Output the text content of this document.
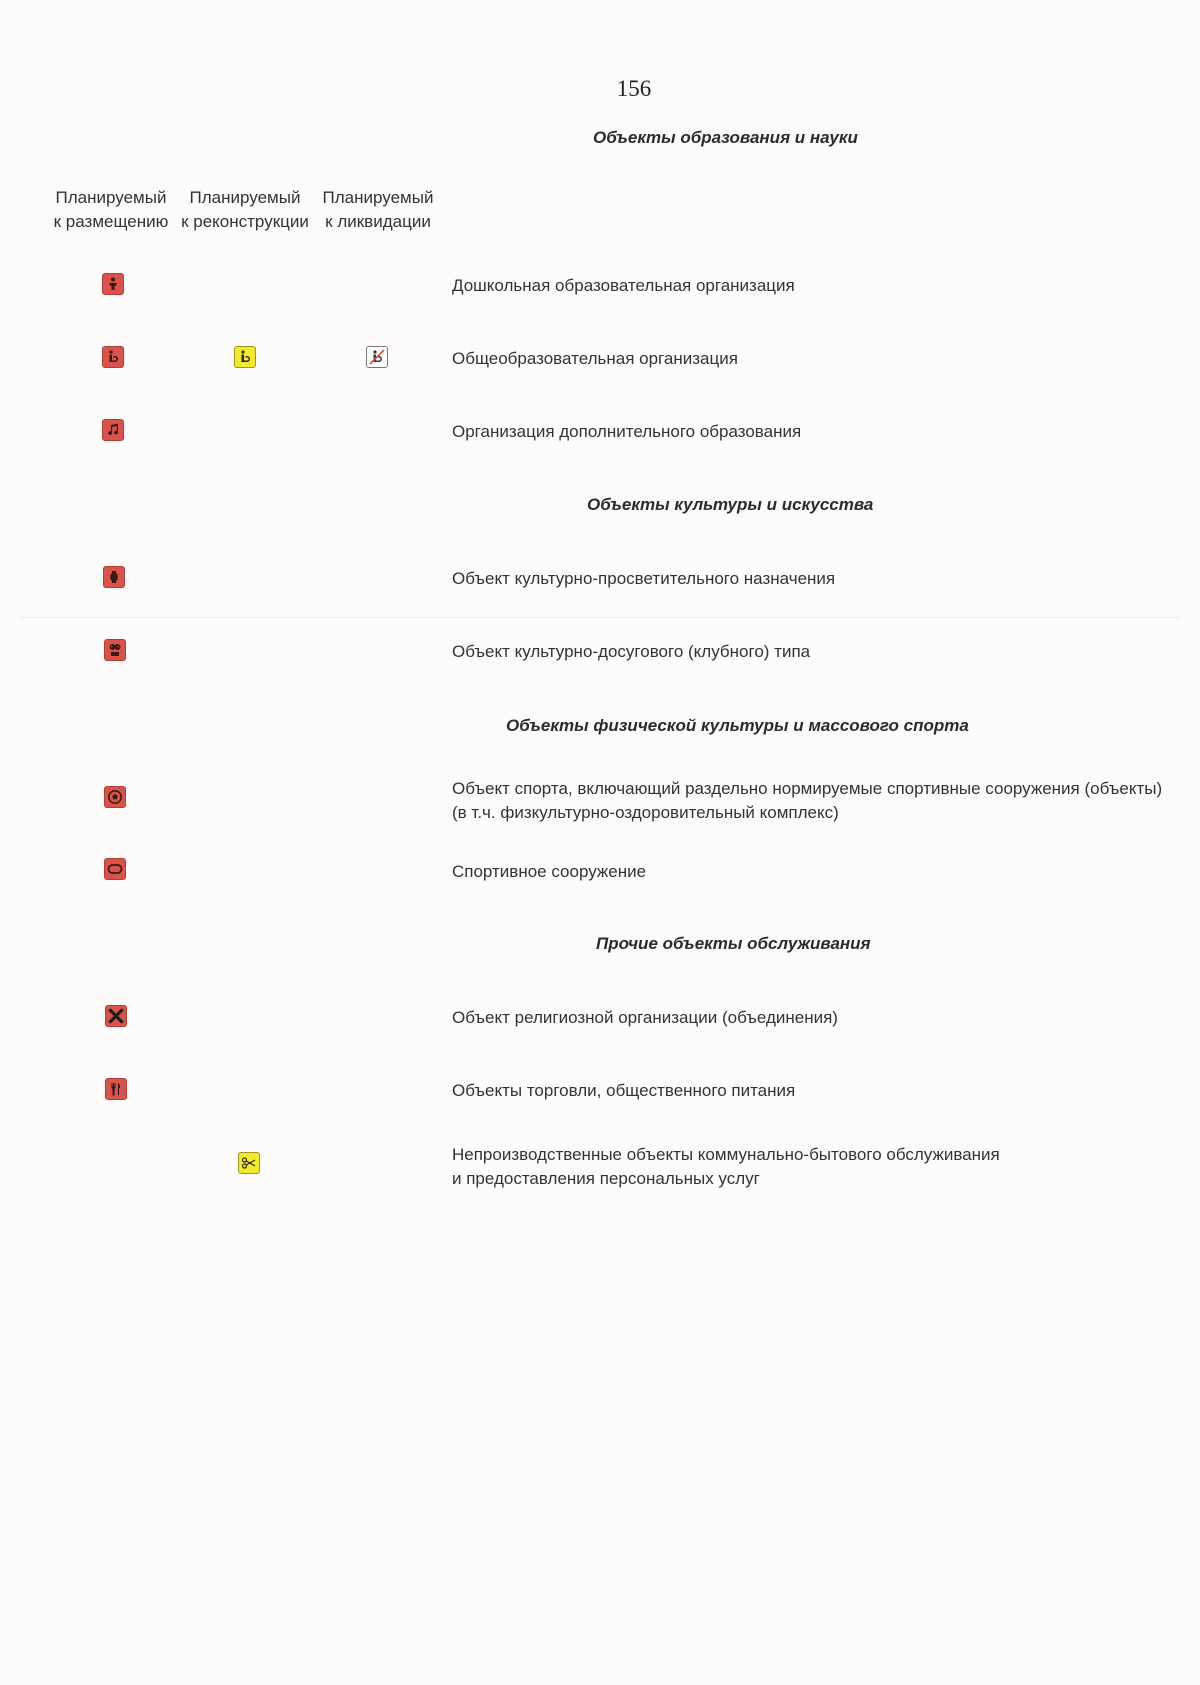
156
Объекты образования и науки
Планируемый
к размещению
Планируемый
к реконструкции
Планируемый
к ликвидации
Дошкольная образовательная организация
Общеобразовательная организация
Организация дополнительного образования
Объекты культуры и искусства
Объект культурно-просветительного назначения
Объект культурно-досугового (клубного) типа
Объекты физической культуры и массового спорта
Объект спорта, включающий раздельно нормируемые спортивные сооружения (объекты)
(в т.ч. физкультурно-оздоровительный комплекс)
Спортивное сооружение
Прочие объекты обслуживания
Объект религиозной организации (объединения)
Объекты торговли, общественного питания
Непроизводственные объекты коммунально-бытового обслуживания
и предоставления персональных услуг
